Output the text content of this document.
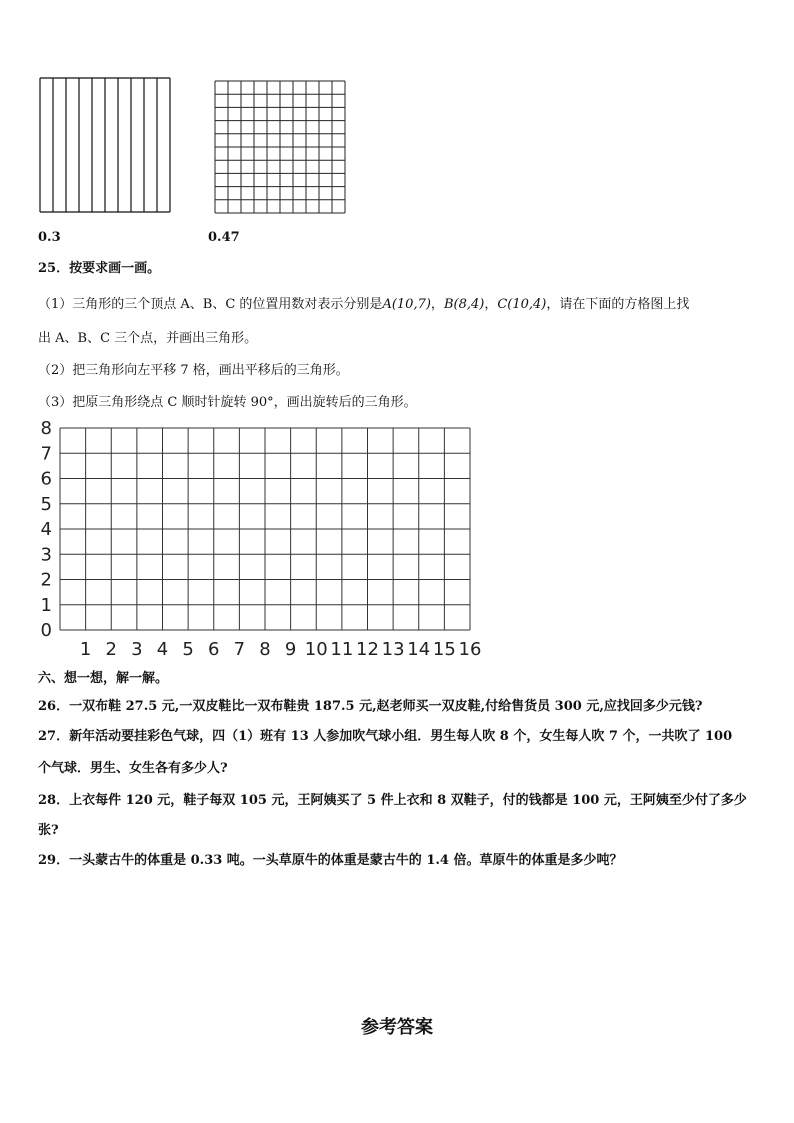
0.3	0.47
25．按要求画一画。
（1）三角形的三个顶点 A、B、C 的位置用数对表示分别是A(10,7)，B(8,4)，C(10,4)，请在下面的方格图上找
出 A、B、C 三个点，并画出三角形。
（2）把三角形向左平移 7 格，画出平移后的三角形。
（3）把原三角形绕点 C 顺时针旋转 90°，画出旋转后的三角形。
1 2 3 4 5 6 7 8 9 10 11 12 13 14 15 16
0
1
2
3
4
5
6
7
8
六、想一想，解一解。
26．一双布鞋 27.5 元,一双皮鞋比一双布鞋贵 187.5 元,赵老师买一双皮鞋,付给售货员 300 元,应找回多少元钱?
27．新年活动要挂彩色气球，四（1）班有 13 人参加吹气球小组．男生每人吹 8 个，女生每人吹 7 个，一共吹了 100
个气球．男生、女生各有多少人?
28．上衣每件 120 元，鞋子每双 105 元，王阿姨买了 5 件上衣和 8 双鞋子，付的钱都是 100 元，王阿姨至少付了多少
张?
29．一头蒙古牛的体重是 0.33 吨。一头草原牛的体重是蒙古牛的 1.4 倍。草原牛的体重是多少吨？
参考答案
